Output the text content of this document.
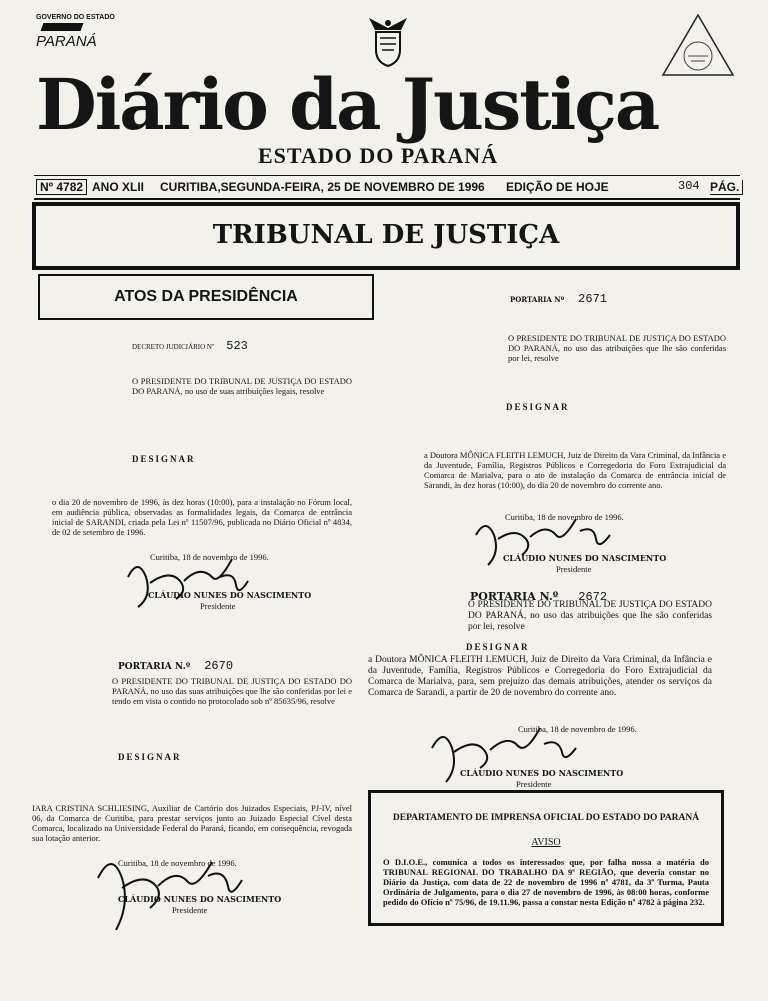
GOVERNO DO ESTADO
PARANÁ
Diário da Justiça
ESTADO DO PARANÁ
Nº 4782 ANO XLII CURITIBA,SEGUNDA-FEIRA, 25 DE NOVEMBRO DE 1996 EDIÇÃO DE HOJE	304 PÁG.
TRIBUNAL DE JUSTIÇA
ATOS DA PRESIDÊNCIA
DECRETO JUDICIÁRIO Nº 523
O PRESIDENTE DO TRIBUNAL DE JUSTIÇA DO ESTADO DO PARANÁ, no uso de suas atribuições legais, resolve
DESIGNAR
o dia 20 de novembro de 1996, às dez horas (10:00), para a instalação no Fórum local, em audiência pública, observadas as formalidades legais, da Comarca de entrância inicial de SARANDI, criada pela Lei nº 11507/96, publicada no Diário Oficial nº 4834, de 02 de setembro de 1996.
Curitiba, 18 de novembro de 1996.
CLÁUDIO NUNES DO NASCIMENTO
Presidente
PORTARIA N.º 2670
O PRESIDENTE DO TRIBUNAL DE JUSTIÇA DO ESTADO DO PARANÁ, no uso das suas atribuições que lhe são conferidas por lei e tendo em vista o contido no protocolado sob nº 85635/96, resolve
DESIGNAR
IARA CRISTINA SCHLIESING, Auxiliar de Cartório dos Juizados Especiais, PJ-IV, nível 06, da Comarca de Curitiba, para prestar serviços junto ao Juizado Especial Cível desta Comarca, localizado na Universidade Federal do Paraná, ficando, em consequência, revogada sua lotação anterior.
Curitiba, 18 de novembro de 1996.
CLÁUDIO NUNES DO NASCIMENTO
Presidente
PORTARIA Nº 2671
O PRESIDENTE DO TRIBUNAL DE JUSTIÇA DO ESTADO DO PARANÁ, no uso das atribuições que lhe são conferidas por lei, resolve
DESIGNAR
a Doutora MÔNICA FLEITH LEMUCH, Juiz de Direito da Vara Criminal, da Infância e da Juventude, Família, Registros Públicos e Corregedoria do Foro Extrajudicial da Comarca de Marialva, para o ato de instalação da Comarca de entrância inicial de Sarandi, às dez horas (10:00), do dia 20 de novembro do corrente ano.
Curitiba, 18 de novembro de 1996.
CLÁUDIO NUNES DO NASCIMENTO
Presidente
PORTARIA N.º 2672
O PRESIDENTE DO TRIBUNAL DE JUSTIÇA DO ESTADO DO PARANÁ, no uso das atribuições que lhe são conferidas por lei, resolve
DESIGNAR
a Doutora MÔNICA FLEITH LEMUCH, Juiz de Direito da Vara Criminal, da Infância e da Juventude, Família, Registros Públicos e Corregedoria do Foro Extrajudicial da Comarca de Marialva, para, sem prejuízo das demais atribuições, atender os serviços da Comarca de Sarandi, a partir de 20 de novembro do corrente ano.
Curitiba, 18 de novembro de 1996.
CLÁUDIO NUNES DO NASCIMENTO
Presidente
DEPARTAMENTO DE IMPRENSA OFICIAL DO ESTADO DO PARANÁ
AVISO
O D.I.O.E., comunica a todos os interessados que, por falha nossa a matéria do TRIBUNAL REGIONAL DO TRABALHO DA 9ª REGIÃO, que deveria constar no Diário da Justiça, com data de 22 de novembro de 1996 nº 4781, da 3ª Turma, Pauta Ordinária de Julgamento, para o dia 27 de novembro de 1996, às 08:00 horas, conforme pedido do Ofício nº 75/96, de 19.11.96, passa a constar nesta Edição nº 4782 à página 232.
